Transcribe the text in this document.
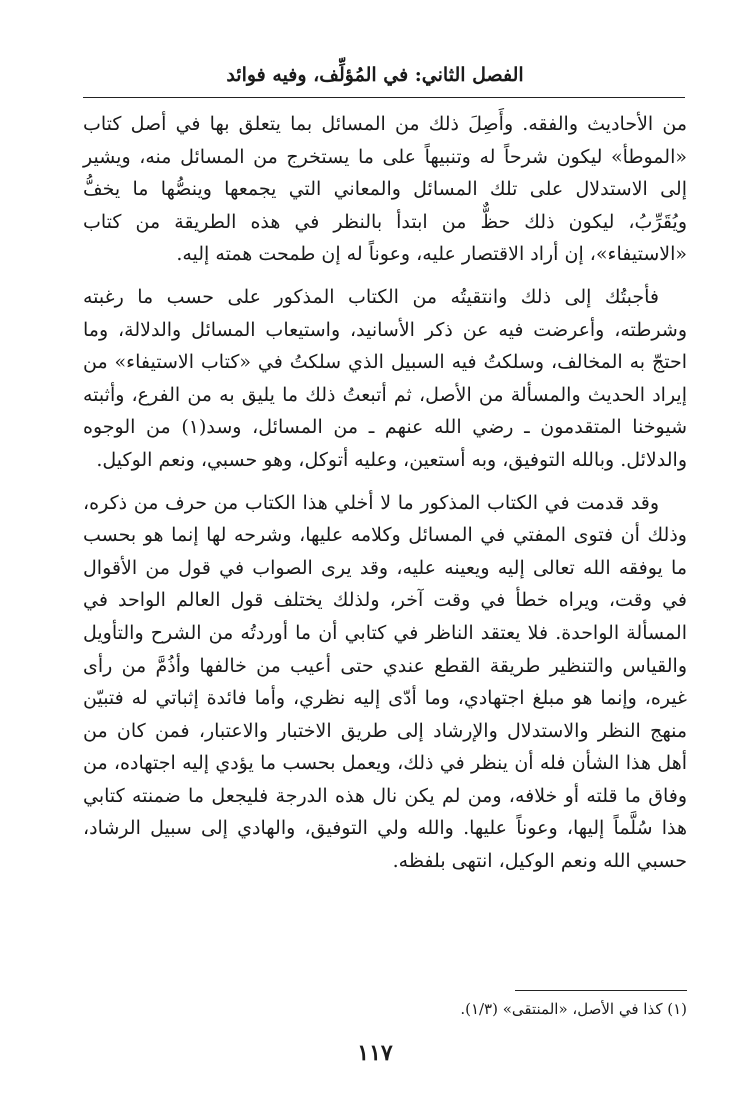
الفصل الثاني: في المُؤلِّف، وفيه فوائد

من الأحاديث والفقه. وأَصِلَ ذلك من المسائل بما يتعلق بها في أصل كتاب «الموطأ» ليكون شرحاً له وتنبيهاً على ما يستخرج من المسائل منه، ويشير إلى الاستدلال على تلك المسائل والمعاني التي يجمعها وينصُّها ما يخفُّ ويُقَرِّبُ، ليكون ذلك حظٌّ من ابتدأ بالنظر في هذه الطريقة من كتاب «الاستيفاء»، إن أراد الاقتصار عليه، وعوناً له إن طمحت همته إليه.

فأجبتُك إلى ذلك وانتقيتُه من الكتاب المذكور على حسب ما رغبته وشرطته، وأعرضت فيه عن ذكر الأسانيد، واستيعاب المسائل والدلالة، وما احتجّ به المخالف، وسلكتُ فيه السبيل الذي سلكتُ في «كتاب الاستيفاء» من إيراد الحديث والمسألة من الأصل، ثم أتبعتُ ذلك ما يليق به من الفرع، وأثبته شيوخنا المتقدمون ـ رضي الله عنهم ـ من المسائل، وسد(١) من الوجوه والدلائل. وبالله التوفيق، وبه أستعين، وعليه أتوكل، وهو حسبي، ونعم الوكيل.

وقد قدمت في الكتاب المذكور ما لا أخلي هذا الكتاب من حرف من ذكره، وذلك أن فتوى المفتي في المسائل وكلامه عليها، وشرحه لها إنما هو بحسب ما يوفقه الله تعالى إليه ويعينه عليه، وقد يرى الصواب في قول من الأقوال في وقت، ويراه خطأ في وقت آخر، ولذلك يختلف قول العالم الواحد في المسألة الواحدة. فلا يعتقد الناظر في كتابي أن ما أوردتُه من الشرح والتأويل والقياس والتنظير طريقة القطع عندي حتى أعيب من خالفها وأذُمَّ من رأى غيره، وإنما هو مبلغ اجتهادي، وما أدّى إليه نظري، وأما فائدة إثباتي له فتبيّن منهج النظر والاستدلال والإرشاد إلى طريق الاختبار والاعتبار، فمن كان من أهل هذا الشأن فله أن ينظر في ذلك، ويعمل بحسب ما يؤدي إليه اجتهاده، من وفاق ما قلته أو خلافه، ومن لم يكن نال هذه الدرجة فليجعل ما ضمنته كتابي هذا سُلَّماً إليها، وعوناً عليها. والله ولي التوفيق، والهادي إلى سبيل الرشاد، حسبي الله ونعم الوكيل، انتهى بلفظه.

(١) كذا في الأصل، «المنتقى» (١/٣).
١١٧
